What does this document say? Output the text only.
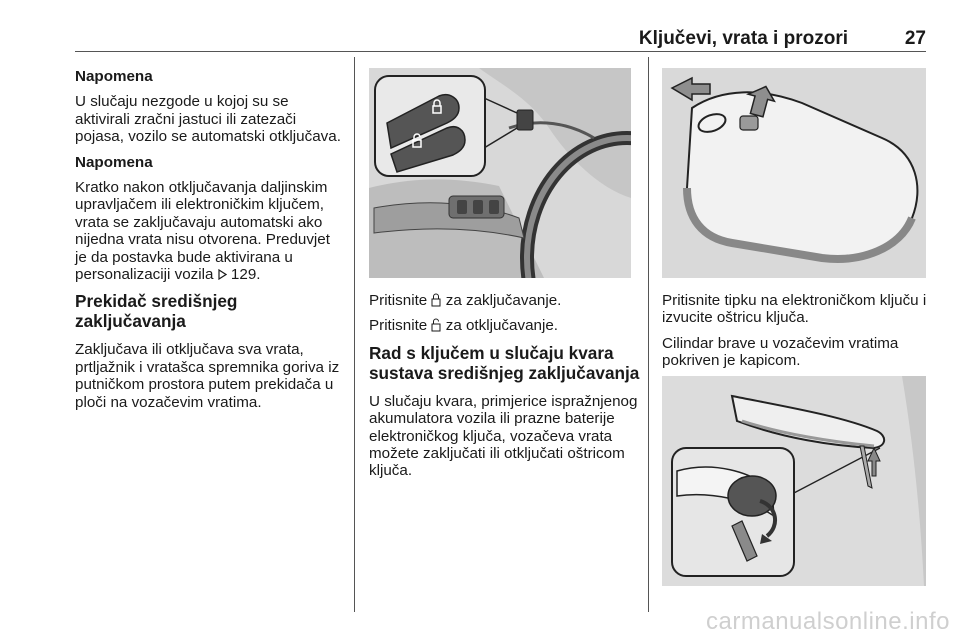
Ključevi, vrata i prozori	27

Napomena

U slučaju nezgode u kojoj su se aktivirali zračni jastuci ili zatezači pojasa, vozilo se automatski otključava.

Napomena

Kratko nakon otključavanja daljinskim upravljačem ili elektroničkim ključem, vrata se zaključavaju automatski ako nijedna vrata nisu otvorena. Preduvjet je da postavka bude aktivirana u personalizaciji vozila 129.

Prekidač središnjeg zaključavanja

Zaključava ili otključava sva vrata, prtljažnik i vratašca spremnika goriva iz putničkom prostora putem prekidača u ploči na vozačevim vratima.

Pritisnite za zaključavanje.

Pritisnite za otključavanje.

Rad s ključem u slučaju kvara sustava središnjeg zaključavanja

U slučaju kvara, primjerice ispražnjenog akumulatora vozila ili prazne baterije elektroničkog ključa, vozačeva vrata možete zaključati ili otključati oštricom ključa.

Pritisnite tipku na elektroničkom ključu i izvucite oštricu ključa.

Cilindar brave u vozačevim vratima pokriven je kapicom.

carmanualsonline.info
